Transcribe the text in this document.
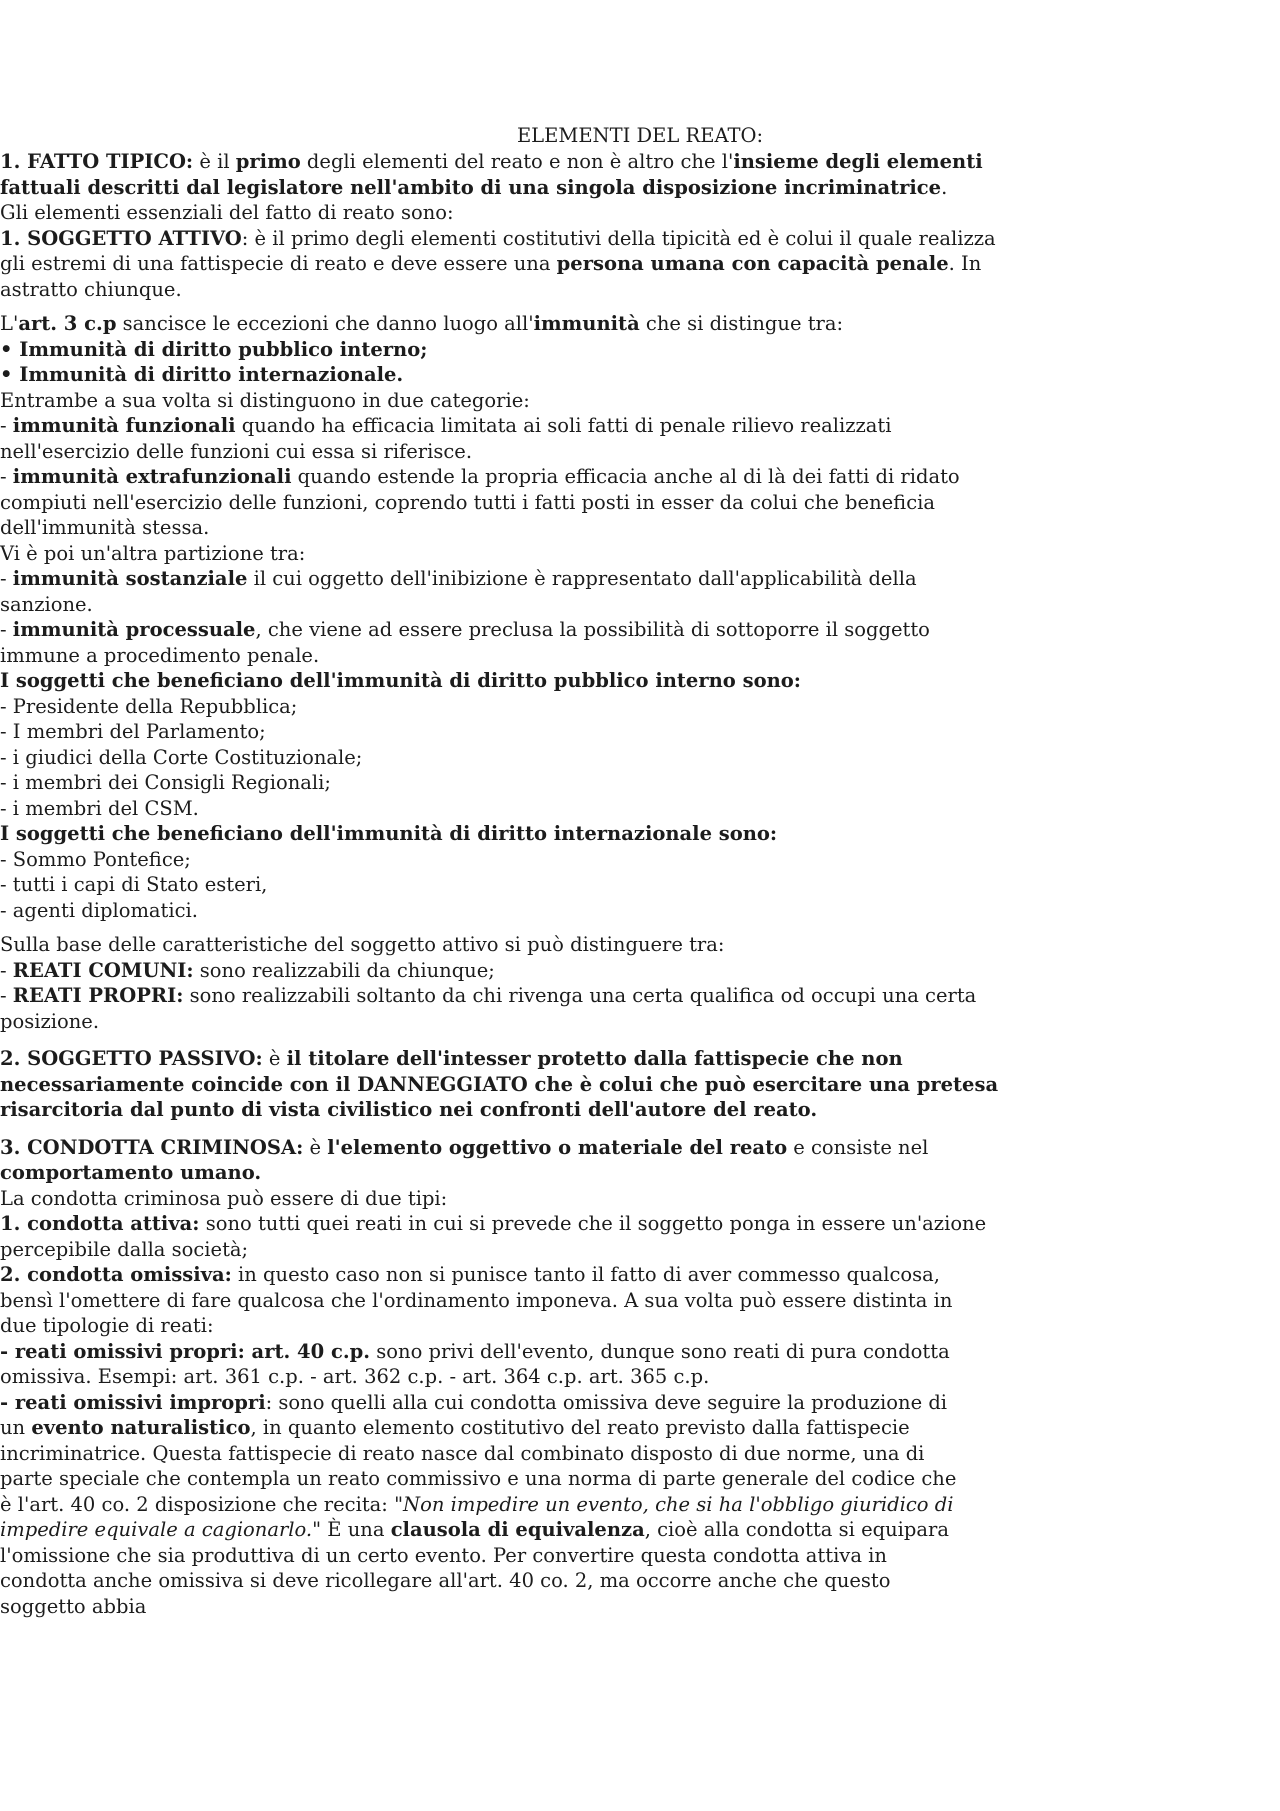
ELEMENTI DEL REATO:

1. FATTO TIPICO: è il primo degli elementi del reato e non è altro che l'insieme degli elementi fattuali descritti dal legislatore nell'ambito di una singola disposizione incriminatrice.

Gli elementi essenziali del fatto di reato sono:

1. SOGGETTO ATTIVO: è il primo degli elementi costitutivi della tipicità ed è colui il quale realizza gli estremi di una fattispecie di reato e deve essere una persona umana con capacità penale. In astratto chiunque.

L'art. 3 c.p sancisce le eccezioni che danno luogo all'immunità che si distingue tra:

• Immunità di diritto pubblico interno;

• Immunità di diritto internazionale.

Entrambe a sua volta si distinguono in due categorie:

- immunità funzionali quando ha efficacia limitata ai soli fatti di penale rilievo realizzati nell'esercizio delle funzioni cui essa si riferisce.

- immunità extrafunzionali quando estende la propria efficacia anche al di là dei fatti di ridato compiuti nell'esercizio delle funzioni, coprendo tutti i fatti posti in esser da colui che beneficia dell'immunità stessa.

Vi è poi un'altra partizione tra:

- immunità sostanziale il cui oggetto dell'inibizione è rappresentato dall'applicabilità della sanzione.

- immunità processuale, che viene ad essere preclusa la possibilità di sottoporre il soggetto immune a procedimento penale.

I soggetti che beneficiano dell'immunità di diritto pubblico interno sono:

- Presidente della Repubblica;

- I membri del Parlamento;

- i giudici della Corte Costituzionale;

- i membri dei Consigli Regionali;

- i membri del CSM.

I soggetti che beneficiano dell'immunità di diritto internazionale sono:

- Sommo Pontefice;

- tutti i capi di Stato esteri,

- agenti diplomatici.

Sulla base delle caratteristiche del soggetto attivo si può distinguere tra:

- REATI COMUNI: sono realizzabili da chiunque;

- REATI PROPRI: sono realizzabili soltanto da chi rivenga una certa qualifica od occupi una certa posizione.

2. SOGGETTO PASSIVO: è il titolare dell'intesser protetto dalla fattispecie che non necessariamente coincide con il DANNEGGIATO che è colui che può esercitare una pretesa risarcitoria dal punto di vista civilistico nei confronti dell'autore del reato.

3. CONDOTTA CRIMINOSA: è l'elemento oggettivo o materiale del reato e consiste nel comportamento umano.

La condotta criminosa può essere di due tipi:

1. condotta attiva: sono tutti quei reati in cui si prevede che il soggetto ponga in essere un'azione percepibile dalla società;

2. condotta omissiva: in questo caso non si punisce tanto il fatto di aver commesso qualcosa, bensì l'omettere di fare qualcosa che l'ordinamento imponeva. A sua volta può essere distinta in due tipologie di reati:

- reati omissivi propri: art. 40 c.p. sono privi dell'evento, dunque sono reati di pura condotta omissiva. Esempi: art. 361 c.p. - art. 362 c.p. - art. 364 c.p. art. 365 c.p.

- reati omissivi impropri: sono quelli alla cui condotta omissiva deve seguire la produzione di un evento naturalistico, in quanto elemento costitutivo del reato previsto dalla fattispecie incriminatrice. Questa fattispecie di reato nasce dal combinato disposto di due norme, una di parte speciale che contempla un reato commissivo e una norma di parte generale del codice che è l'art. 40 co. 2 disposizione che recita: "Non impedire un evento, che si ha l'obbligo giuridico di impedire equivale a cagionarlo." È una clausola di equivalenza, cioè alla condotta si equipara l'omissione che sia produttiva di un certo evento. Per convertire questa condotta attiva in condotta anche omissiva si deve ricollegare all'art. 40 co. 2, ma occorre anche che questo soggetto abbia
